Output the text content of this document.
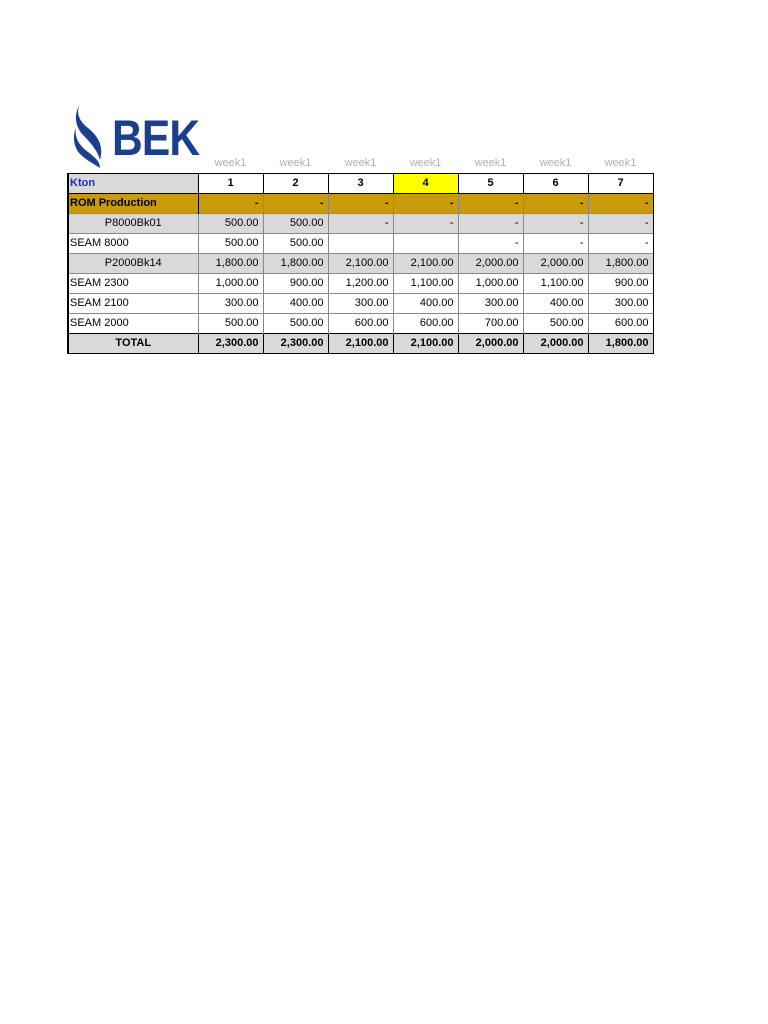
BEK
	week1	week1	week1	week1	week1	week1	week1
Kton	1	2	3	4	5	6	7
ROM Production	-	-	-	-	-	-	-
P8000Bk01	500.00	500.00	-	-	-	-	-
SEAM 8000	500.00	500.00			-	-	-
P2000Bk14	1,800.00	1,800.00	2,100.00	2,100.00	2,000.00	2,000.00	1,800.00
SEAM 2300	1,000.00	900.00	1,200.00	1,100.00	1,000.00	1,100.00	900.00
SEAM 2100	300.00	400.00	300.00	400.00	300.00	400.00	300.00
SEAM 2000	500.00	500.00	600.00	600.00	700.00	500.00	600.00
TOTAL	2,300.00	2,300.00	2,100.00	2,100.00	2,000.00	2,000.00	1,800.00
